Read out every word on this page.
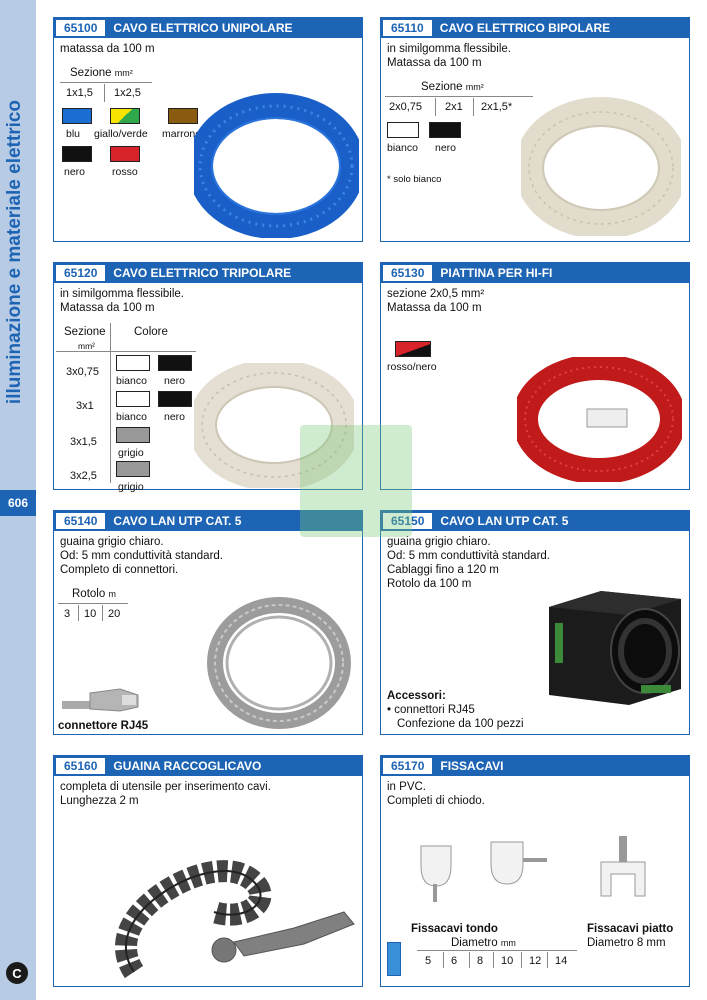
illuminazione e materiale elettrico
606
C
65100	CAVO ELETTRICO UNIPOLARE
matassa da 100 m
Sezione mm²
1x1,5 1x2,5
blu giallo/verde marrone
nero	rosso
65110	CAVO ELETTRICO BIPOLARE
in similgomma flessibile.
Matassa da 100 m
Sezione mm²
2x0,75 2x1 2x1,5*
bianco nero
* solo bianco
65120	CAVO ELETTRICO TRIPOLARE
in similgomma flessibile.
Matassa da 100 m
Sezione
mm²
Colore
3x0,75
bianco nero
3x1
bianco nero
3x1,5
grigio
3x2,5
grigio
65130	PIATTINA PER HI-FI
sezione 2x0,5 mm²
Matassa da 100 m
rosso/nero
65140	CAVO LAN UTP CAT. 5
guaina grigio chiaro.
Od: 5 mm conduttività standard.
Completo di connettori.
Rotolo m
3 10 20
connettore RJ45
65150	CAVO LAN UTP CAT. 5
guaina grigio chiaro.
Od: 5 mm conduttività standard.
Cablaggi fino a 120 m
Rotolo da 100 m
Accessori:
• connettori RJ45
Confezione da 100 pezzi
65160	GUAINA RACCOGLICAVO
completa di utensile per inserimento cavi.
Lunghezza 2 m
65170	FISSACAVI
in PVC.
Completi di chiodo.
Fissacavi tondo
Diametro mm
5 6 8 10 12 14
Fissacavi piatto
Diametro 8 mm
